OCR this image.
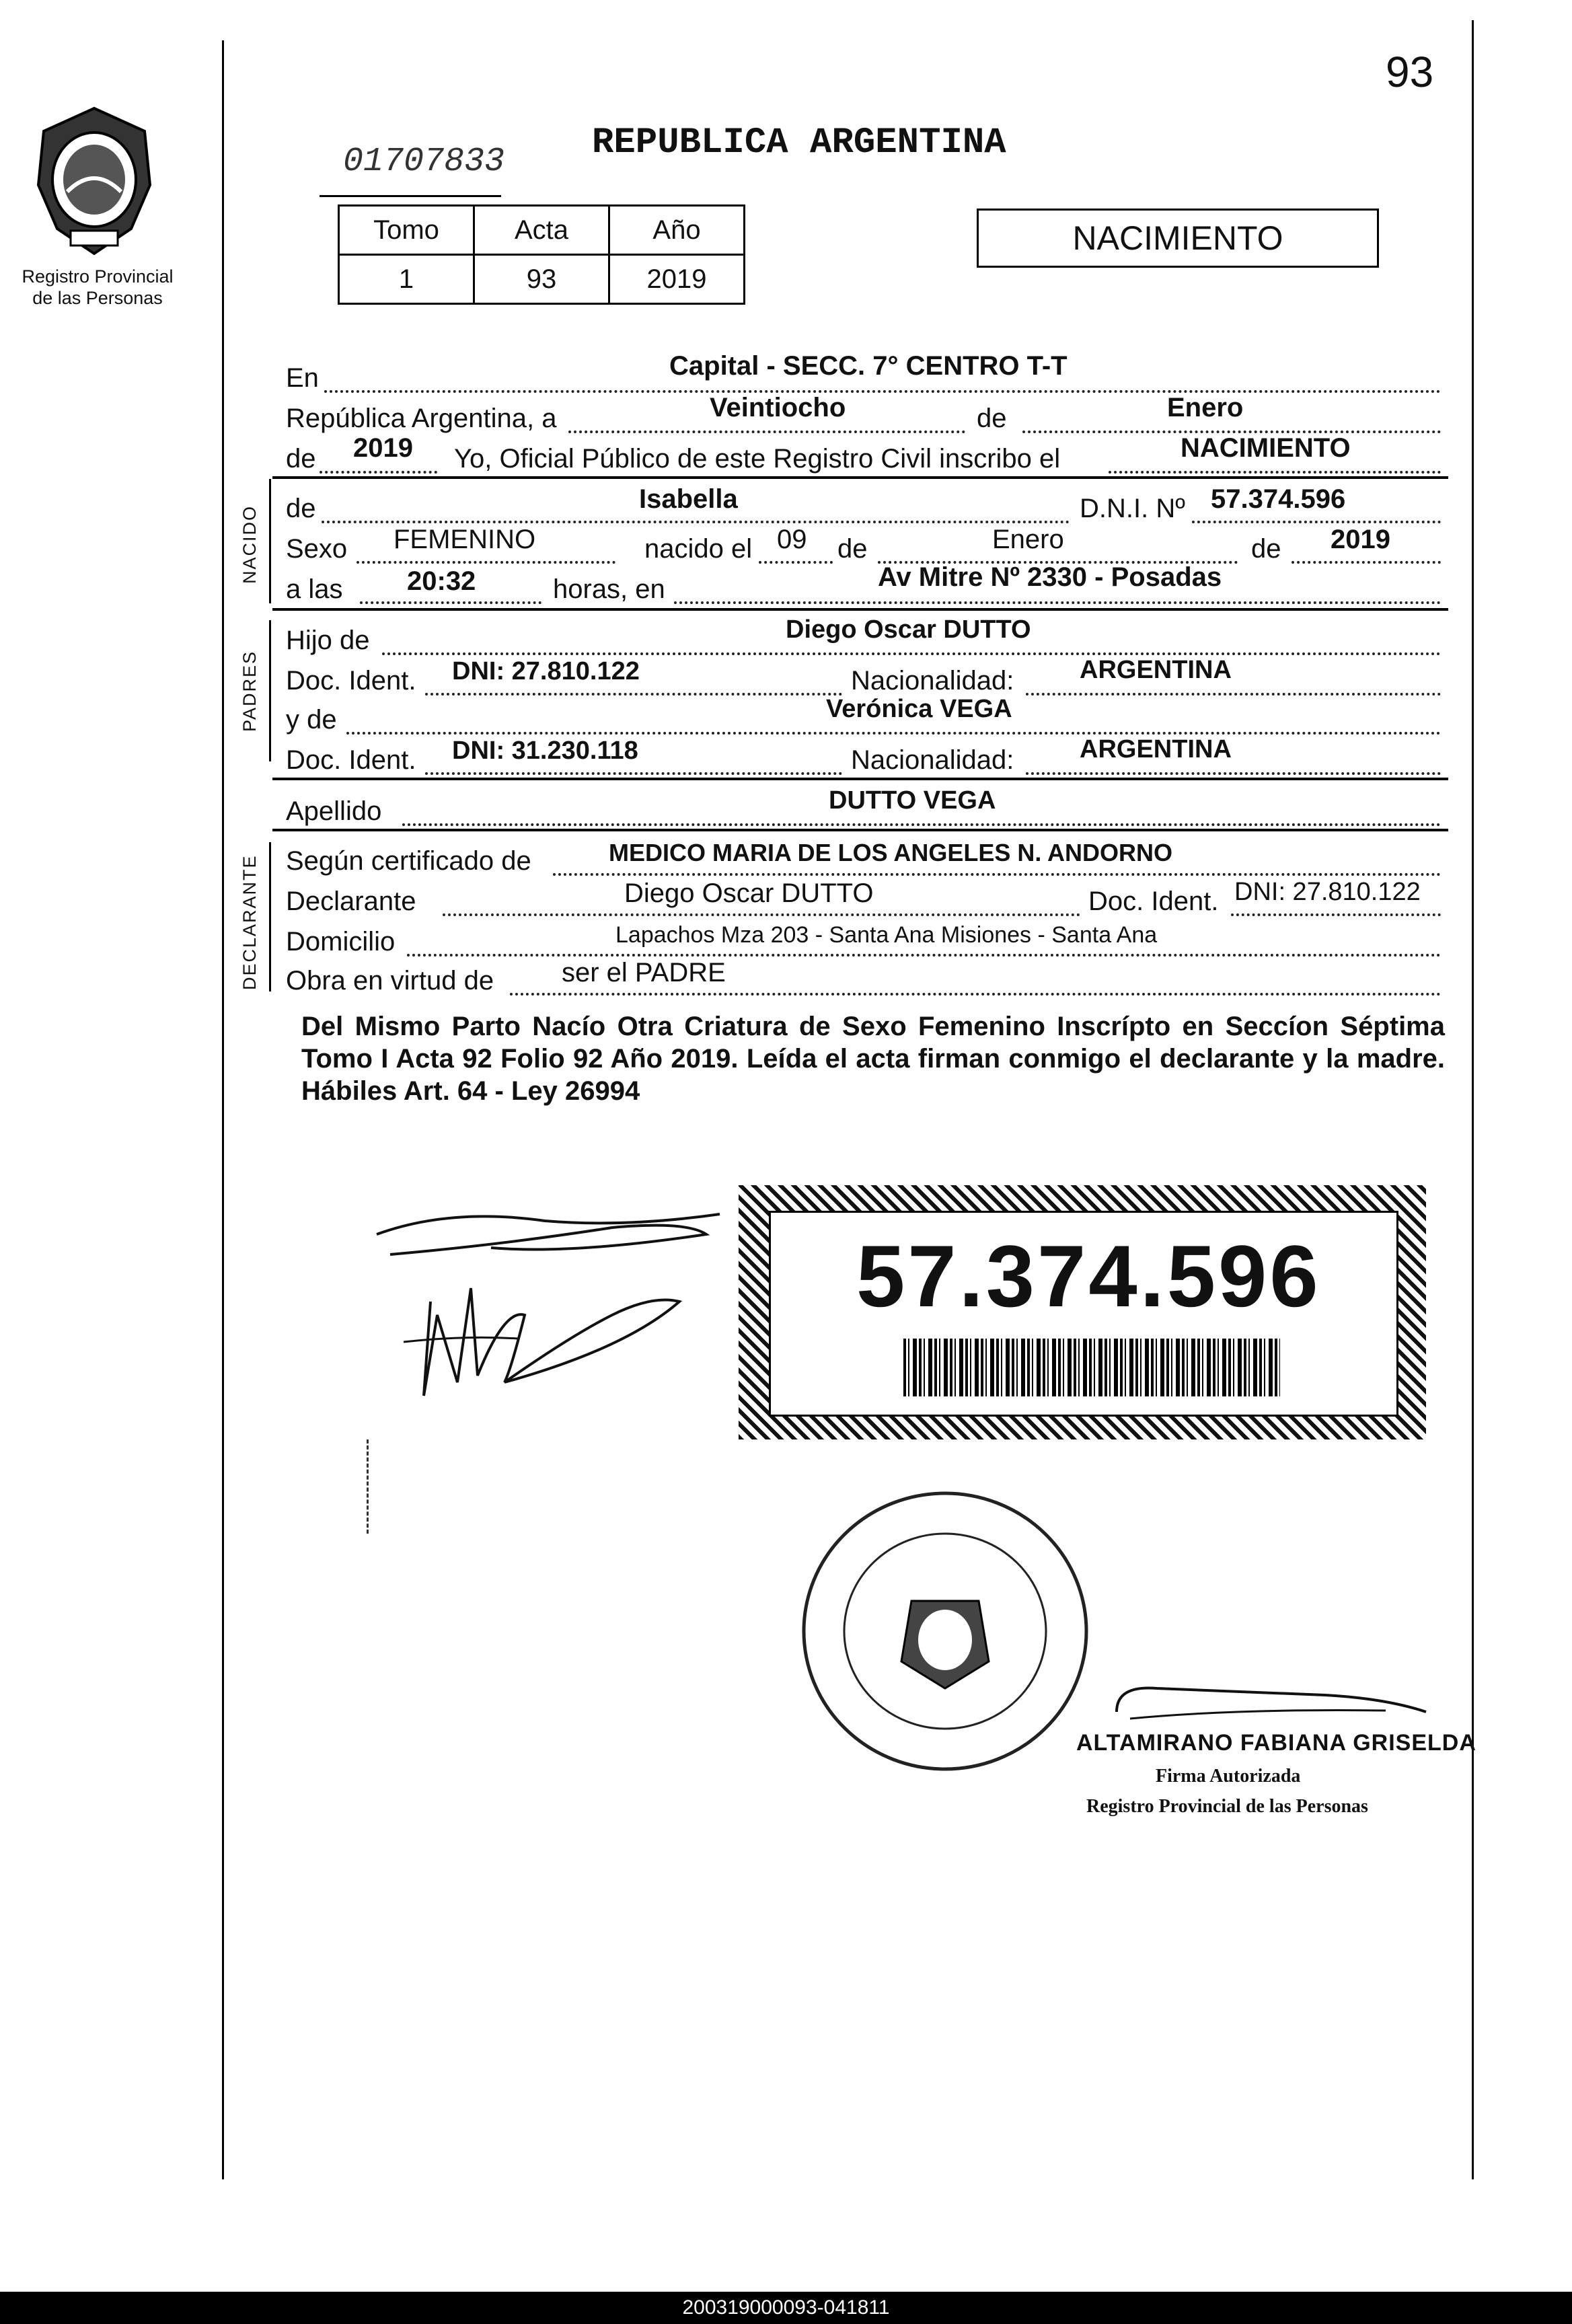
93
Registro Provincial
de las Personas
01707833 REPUBLICA ARGENTINA
Tomo	Acta	Año
1	93	2019
NACIMIENTO
En	Capital - SECC. 7° CENTRO T-T
República Argentina, a	Veintiocho	de	Enero
de 2019 Yo, Oficial Público de este Registro Civil inscribo el	NACIMIENTO
NACIDO de	Isabella	D.N.I. Nº 57.374.596
Sexo FEMENINO	nacido el 09 de	Enero	de 2019
a las 20:32	horas, en	Av Mitre Nº 2330 - Posadas
PADRES
Hijo de	Diego Oscar DUTTO
Doc. Ident. DNI: 27.810.122	Nacionalidad:	ARGENTINA
y de	Verónica VEGA
Doc. Ident. DNI: 31.230.118	Nacionalidad:	ARGENTINA
Apellido	DUTTO VEGA
DECLARANTE Según certificado de	MEDICO MARIA DE LOS ANGELES N. ANDORNO
Declarante	Diego Oscar DUTTO	Doc. Ident. DNI: 27.810.122
Domicilio	Lapachos Mza 203 - Santa Ana Misiones - Santa Ana
Obra en virtud de	ser el PADRE
Del Mismo Parto Nacío Otra Criatura de Sexo Femenino Inscrípto en Seccíon Séptima Tomo I Acta 92 Folio 92 Año 2019. Leída el acta firman conmigo el declarante y la madre. Hábiles Art. 64 - Ley 26994
57.374.596
ALTAMIRANO FABIANA GRISELDA
Firma Autorizada
Registro Provincial de las Personas
200319000093-041811
